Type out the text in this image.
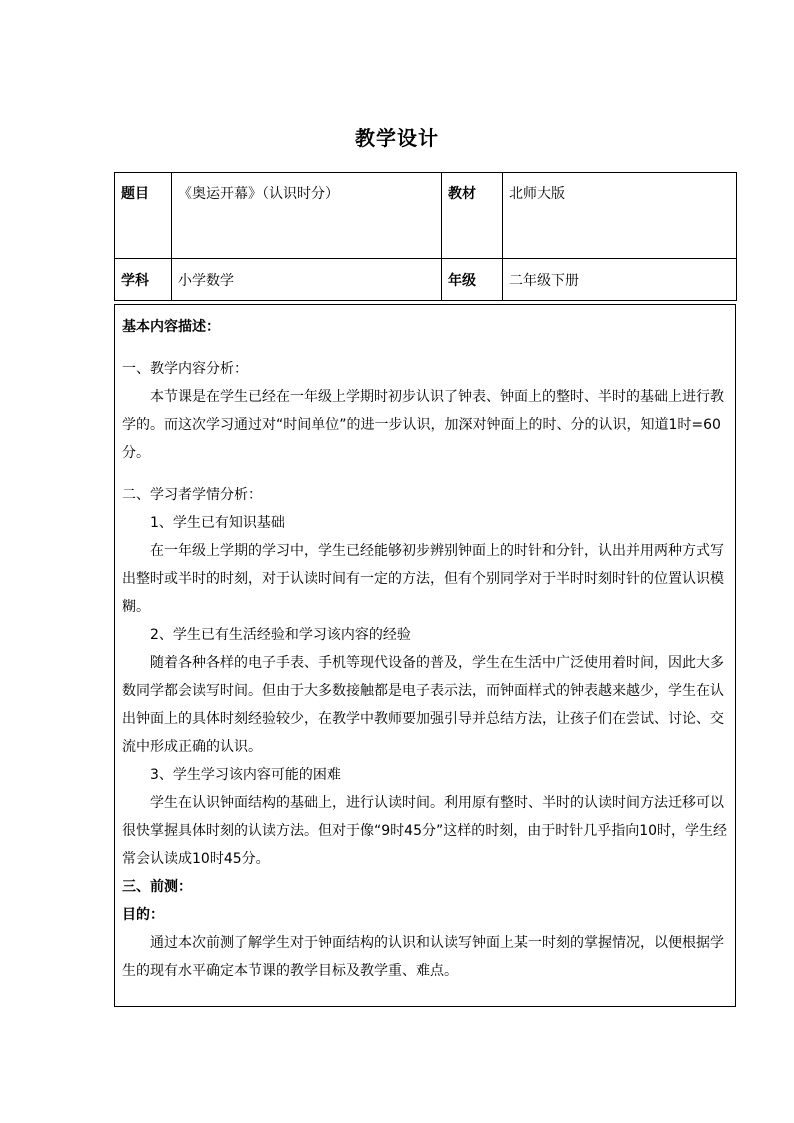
教学设计
题目	《奥运开幕》（认识时分）	教材	北师大版
学科	小学数学	年级	二年级下册

基本内容描述：

一、教学内容分析：

本节课是在学生已经在一年级上学期时初步认识了钟表、钟面上的整时、半时的基础上进行教学的。而这次学习通过对“时间单位”的进一步认识，加深对钟面上的时、分的认识，知道1时=60分。

二、学习者学情分析：

1、学生已有知识基础

在一年级上学期的学习中，学生已经能够初步辨别钟面上的时针和分针，认出并用两种方式写出整时或半时的时刻，对于认读时间有一定的方法，但有个别同学对于半时时刻时针的位置认识模糊。

2、学生已有生活经验和学习该内容的经验

随着各种各样的电子手表、手机等现代设备的普及，学生在生活中广泛使用着时间，因此大多数同学都会读写时间。但由于大多数接触都是电子表示法，而钟面样式的钟表越来越少，学生在认出钟面上的具体时刻经验较少，在教学中教师要加强引导并总结方法，让孩子们在尝试、讨论、交流中形成正确的认识。

3、学生学习该内容可能的困难

学生在认识钟面结构的基础上，进行认读时间。利用原有整时、半时的认读时间方法迁移可以很快掌握具体时刻的认读方法。但对于像“9时45分”这样的时刻，由于时针几乎指向10时，学生经常会认读成10时45分。

三、前测：

目的：

通过本次前测了解学生对于钟面结构的认识和认读写钟面上某一时刻的掌握情况，以便根据学生的现有水平确定本节课的教学目标及教学重、难点。
